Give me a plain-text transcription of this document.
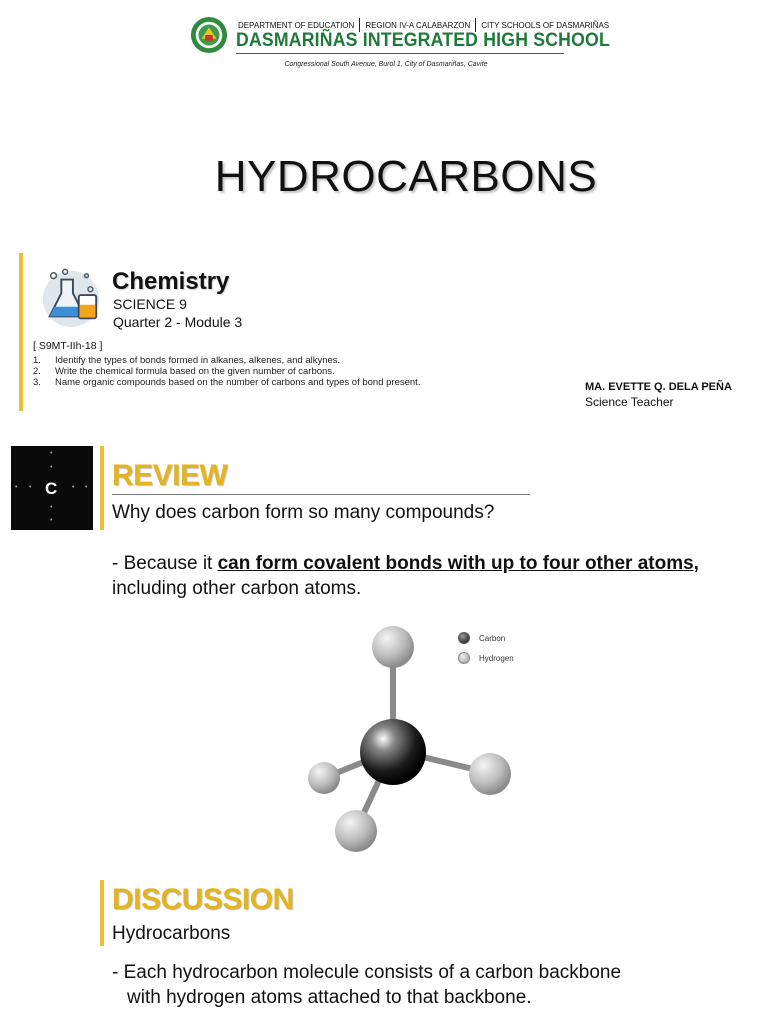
DEPARTMENT OF EDUCATION	REGION IV-A CALABARZON	CITY SCHOOLS OF DASMARIÑAS
DASMARIÑAS INTEGRATED HIGH SCHOOL
Congressional South Avenue, Burol 1, City of Dasmariñas, Cavite
HYDROCARBONS
Chemistry
SCIENCE 9
Quarter 2 - Module 3
[ S9MT-IIh-18 ]
1.	Identify the types of bonds formed in alkanes, alkenes, and alkynes.
2.	Write the chemical formula based on the given number of carbons.
3.	Name organic compounds based on the number of carbons and types of bond present.	MA. EVETTE Q. DELA PEÑA
Science Teacher
C
•
•
•
•
• •	• • REVIEW
Why does carbon form so many compounds?
- Because it can form covalent bonds with up to four other atoms, including other carbon atoms.
Carbon
Hydrogen
DISCUSSION
Hydrocarbons
- Each hydrocarbon molecule consists of a carbon backbone
with hydrogen atoms attached to that backbone.
